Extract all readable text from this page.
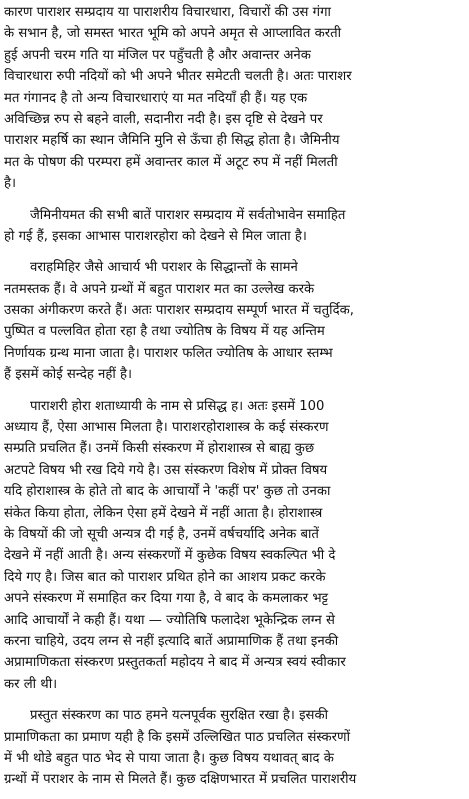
कारण पाराशर सम्प्रदाय या पाराशरीय विचारधारा, विचारों की उस गंगा
के सभान है, जो समस्त भारत भूमि को अपने अमृत से आप्लावित करती
हुई अपनी चरम गति या मंजिल पर पहुँचती है और अवान्तर अनेक
विचारधारा रुपी नदियों को भी अपने भीतर समेटती चलती है। अतः पाराशर
मत गंगानद है तो अन्य विचारधाराएं या मत नदियाँ ही हैं। यह एक
अविच्छिन्न रुप से बहने वाली, सदानीरा नदी है। इस दृष्टि से देखने पर
पाराशर महर्षि का स्थान जैमिनि मुनि से ऊँचा ही सिद्ध होता है। जैमिनीय
मत के पोषण की परम्परा हमें अवान्तर काल में अटूट रुप में नहीं मिलती
है।
जैमिनीयमत की सभी बातें पाराशर सम्प्रदाय में सर्वतोभावेन समाहित
हो गई हैं, इसका आभास पाराशरहोरा को देखने से मिल जाता है।
वराहमिहिर जैसे आचार्य भी पराशर के सिद्धान्तों के सामने
नतमस्तक हैं। वे अपने ग्रन्थों में बहुत पाराशर मत का उल्लेख करके
उसका अंगीकरण करते हैं। अतः पाराशर सम्प्रदाय सम्पूर्ण भारत में चतुर्दिक,
पुष्पित व पल्लवित होता रहा है तथा ज्योतिष के विषय में यह अन्तिम
निर्णायक ग्रन्थ माना जाता है। पाराशर फलित ज्योतिष के आधार स्तम्भ
हैं इसमें कोई सन्देह नहीं है।
पाराशरी होरा शताध्यायी के नाम से प्रसिद्ध ह। अतः इसमें 100
अध्याय हैं, ऐसा आभास मिलता है। पाराशरहोराशास्त्र के कई संस्करण
सम्प्रति प्रचलित हैं। उनमें किसी संस्करण में होराशास्त्र से बाह्य कुछ
अटपटे विषय भी रख दिये गये है। उस संस्करण विशेष में प्रोक्त विषय
यदि होराशास्त्र के होते तो बाद के आचार्यों ने 'कहीं पर' कुछ तो उनका
संकेत किया होता, लेकिन ऐसा हमें देखने में नहीं आता है। होराशास्त्र
के विषयों की जो सूची अन्यत्र दी गई है, उनमें वर्षचर्यादि अनेक बातें
देखने में नहीं आती है। अन्य संस्करणों में कुछेक विषय स्वकल्पित भी दे
दिये गए है। जिस बात को पाराशर प्रथित होने का आशय प्रकट करके
अपने संस्करण में समाहित कर दिया गया है, वे बाद के कमलाकर भट्ट
आदि आचार्यों ने कही हैं। यथा — ज्योतिषि फलादेश भूकेन्द्रिक लग्न से
करना चाहिये, उदय लग्न से नहीं इत्यादि बातें अप्रामाणिक हैं तथा इनकी
अप्रामाणिकता संस्करण प्रस्तुतकर्ता महोदय ने बाद में अन्यत्र स्वयं स्वीकार
कर ली थी।
प्रस्तुत संस्करण का पाठ हमने यत्नपूर्वक सुरक्षित रखा है। इसकी
प्रामाणिकता का प्रमाण यही है कि इसमें उल्लिखित पाठ प्रचलित संस्करणों
में भी थोडे बहुत पाठ भेद से पाया जाता है। कुछ विषय यथावत् बाद के
ग्रन्थों में पराशर के नाम से मिलते हैं। कुछ दक्षिणभारत में प्रचलित पाराशरीय
